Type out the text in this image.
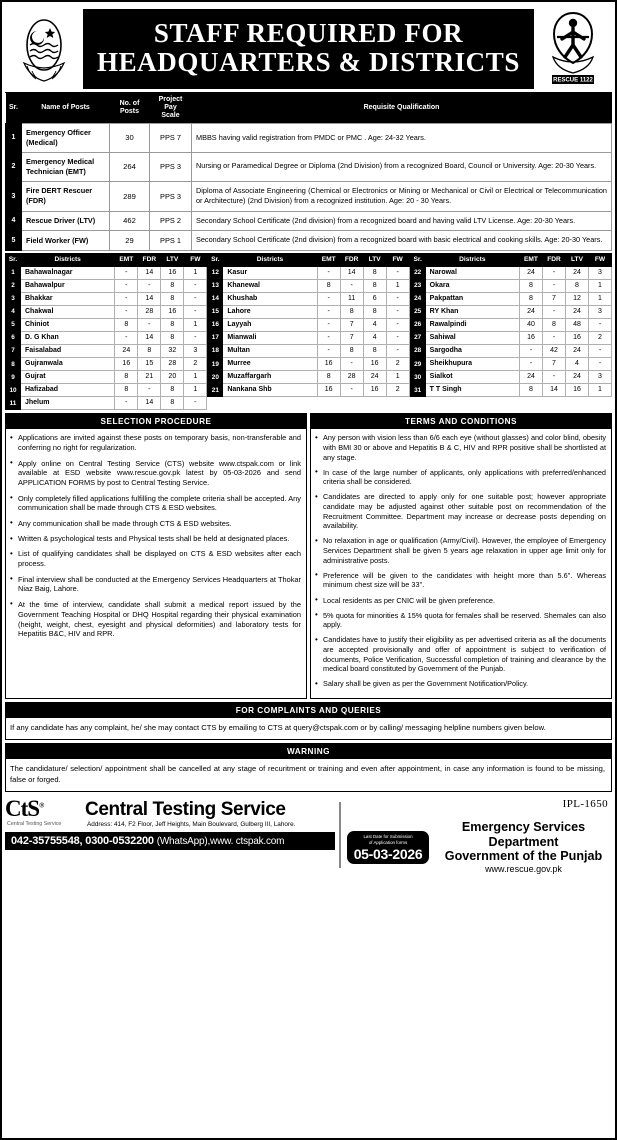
STAFF REQUIRED FOR
HEADQUARTERS & DISTRICTS
RESCUE 1122
Sr.	Name of Posts	No. of
Posts	Project
Pay
Scale	Requisite Qualification
1	Emergency Officer (Medical)	30	PPS 7	MBBS having valid registration from PMDC or PMC . Age: 24-32 Years.
2	Emergency Medical Technician (EMT)	264	PPS 3	Nursing or Paramedical Degree or Diploma (2nd Division) from a recognized Board, Council or University. Age: 20-30 Years.
3	Fire DERT Rescuer (FDR)	289	PPS 3	Diploma of Associate Engineering (Chemical or Electronics or Mining or Mechanical or Civil or Electrical or Telecommunication or Architecture) (2nd Division) from a recognized institution. Age: 20 - 30 Years.
4	Rescue Driver (LTV)	462	PPS 2	Secondary School Certificate (2nd division) from a recognized board and having valid LTV License. Age: 20-30 Years.
5	Field Worker (FW)	29	PPS 1	Secondary School Certificate (2nd division) from a recognized board with basic electrical and cooking skills. Age: 20-30 Years.
Sr.	Districts	EMT	FDR	LTV	FW
1	Bahawalnagar	-	14	16	1
2	Bahawalpur	-	-	8	-
3	Bhakkar	-	14	8	-
4	Chakwal	-	28	16	-
5	Chiniot	8	-	8	1
6	D. G Khan	-	14	8	-
7	Faisalabad	24	8	32	3
8	Gujranwala	16	15	28	2
9	Gujrat	8	21	20	1
10	Hafizabad	8	-	8	1
11	Jhelum	-	14	8	-
Sr.	Districts	EMT	FDR	LTV	FW
12	Kasur	-	14	8	-
13	Khanewal	8	-	8	1
14	Khushab	-	11	6	-
15	Lahore	-	8	8	-
16	Layyah	-	7	4	-
17	Mianwali	-	7	4	-
18	Multan	-	8	8	-
19	Murree	16	-	16	2
20	Muzaffargarh	8	28	24	1
21	Nankana Shb	16	-	16	2

Sr.	Districts	EMT	FDR	LTV	FW
22	Narowal	24	-	24	3
23	Okara	8	-	8	1
24	Pakpattan	8	7	12	1
25	RY Khan	24	-	24	3
26	Rawalpindi	40	8	48	-
27	Sahiwal	16	-	16	2
28	Sargodha	-	42	24	-
29	Sheikhupura	-	7	4	-
30	Sialkot	24	-	24	3
31	T T Singh	8	14	16	1

SELECTION PROCEDURE
• Applications are invited against these posts on temporary basis, non-transferable and conferring no right for regularization.
• Apply online on Central Testing Service (CTS) website www.ctspak.com or link available at ESD website www.rescue.gov.pk latest by 05-03-2026 and send APPLICATION FORMS by post to Central Testing Service.
• Only completely filled applications fulfilling the complete criteria shall be accepted. Any communication shall be made through CTS & ESD websites.
• Any communication shall be made through CTS & ESD websites.
• Written & psychological tests and Physical tests shall be held at designated places.
• List of qualifying candidates shall be displayed on CTS & ESD websites after each process.
• Final interview shall be conducted at the Emergency Services Headquarters at Thokar Niaz Baig, Lahore.
• At the time of interview, candidate shall submit a medical report issued by the Government Teaching Hospital or DHQ Hospital regarding their physical examination (height, weight, chest, eyesight and physical deformities) and laboratory tests for Hepatitis B&C, HIV and RPR.
TERMS AND CONDITIONS
• Any person with vision less than 6/6 each eye (without glasses) and color blind, obesity with BMI 30 or above and Hepatitis B & C, HIV and RPR positive shall be shortlisted at any stage.
• In case of the large number of applicants, only applications with preferred/enhanced criteria shall be considered.
• Candidates are directed to apply only for one suitable post; however appropriate candidate may be adjusted against other suitable post on recommendation of the Recruitment Committee. Department may increase or decrease posts depending on availability.
• No relaxation in age or qualification (Army/Civil). However, the employee of Emergency Services Department shall be given 5 years age relaxation in upper age limit only for administrative posts.
• Preference will be given to the candidates with height more than 5.6''. Whereas minimum chest size will be 33''.
• Local residents as per CNIC will be given preference.
• 5% quota for minorities & 15% quota for females shall be reserved. Shemales can also apply.
• Candidates have to justify their eligibility as per advertised criteria as all the documents are accepted provisionally and offer of appointment is subject to verification of documents, Police Verification, Successful completion of training and clearance by the medical board constituted by Government of the Punjab.
• Salary shall be given as per the Government Notification/Policy.
FOR COMPLAINTS AND QUERIES
If any candidate has any complaint, he/ she may contact CTS by emailing to CTS at query@ctspak.com or by calling/ messaging helpline numbers given below.
WARNING
The candidature/ selection/ appointment shall be cancelled at any stage of recuritment or training and even after appointment, in case any information is found to be missing, false or forged.
CtS®
Central Testing Service
Central Testing Service
Address: 414, F2 Floor, Jeff Heights, Main Boulevard, Gulberg III, Lahore.
042-35755548, 0300-0532200 (WhatsApp),www. ctspak.com
IPL-1650
Last Date for Submission
of Application forms
05-03-2026
Emergency Services Department
Government of the Punjab
www.rescue.gov.pk
